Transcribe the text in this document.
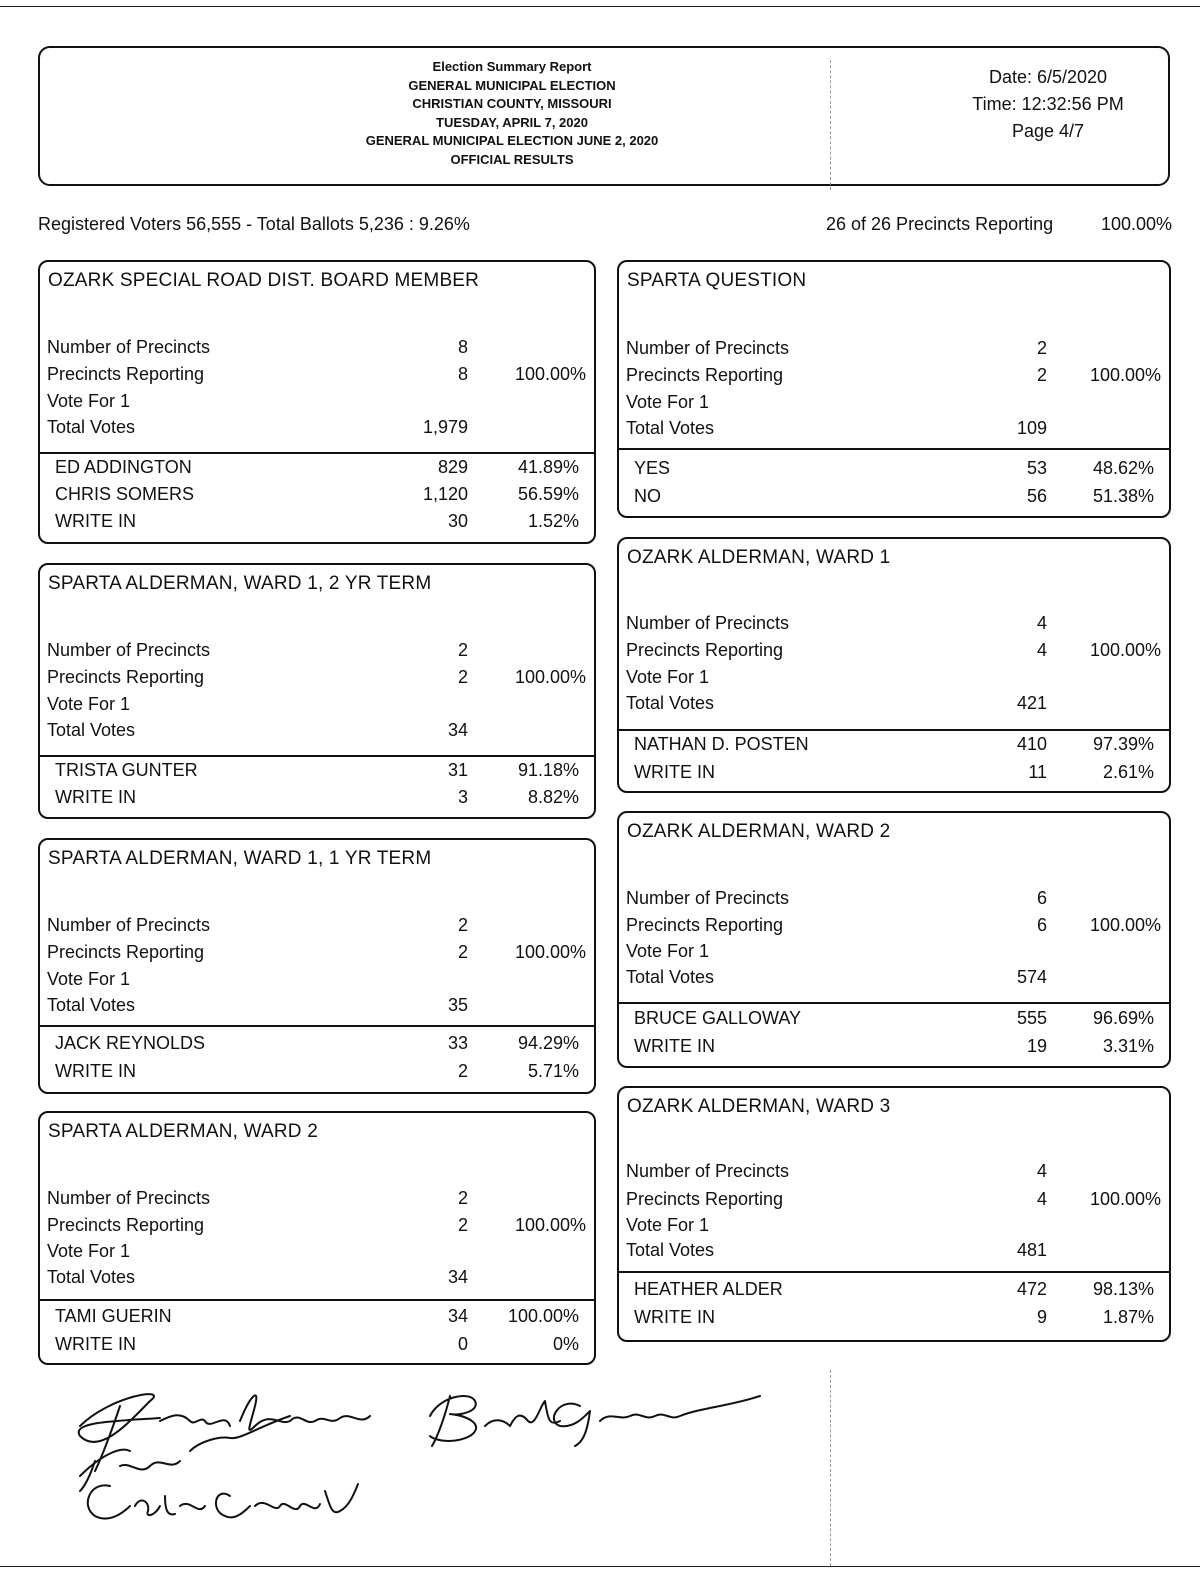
Election Summary Report
GENERAL MUNICIPAL ELECTION
CHRISTIAN COUNTY, MISSOURI
TUESDAY, APRIL 7, 2020
GENERAL MUNICIPAL ELECTION JUNE 2, 2020
OFFICIAL RESULTS
Date: 6/5/2020
Time: 12:32:56 PM
Page 4/7
Registered Voters 56,555 - Total Ballots 5,236 : 9.26%	26 of 26 Precincts Reporting	100.00%
OZARK SPECIAL ROAD DIST. BOARD MEMBER
Number of Precincts	8
Precincts Reporting	8	100.00%
Vote For 1
Total Votes	1,979
ED ADDINGTON	829	41.89%
CHRIS SOMERS	1,120	56.59%
WRITE IN	30	1.52%
SPARTA ALDERMAN, WARD 1, 2 YR TERM
Number of Precincts	2
Precincts Reporting	2	100.00%
Vote For 1
Total Votes	34
TRISTA GUNTER	31	91.18%
WRITE IN	3	8.82%
SPARTA ALDERMAN, WARD 1, 1 YR TERM
Number of Precincts	2
Precincts Reporting	2	100.00%
Vote For 1
Total Votes	35
JACK REYNOLDS	33	94.29%
WRITE IN	2	5.71%
SPARTA ALDERMAN, WARD 2
Number of Precincts	2
Precincts Reporting	2	100.00%
Vote For 1
Total Votes	34
TAMI GUERIN	34 100.00%
WRITE IN	0	0%
SPARTA QUESTION
Number of Precincts	2
Precincts Reporting	2 100.00%
Vote For 1
Total Votes	109
YES	53	48.62%
NO	56	51.38%
OZARK ALDERMAN, WARD 1
Number of Precincts	4
Precincts Reporting	4 100.00%
Vote For 1
Total Votes	421
NATHAN D. POSTEN	410	97.39%
WRITE IN	11	2.61%
OZARK ALDERMAN, WARD 2
Number of Precincts	6
Precincts Reporting	6 100.00%
Vote For 1
Total Votes	574
BRUCE GALLOWAY	555	96.69%
WRITE IN	19	3.31%
OZARK ALDERMAN, WARD 3
Number of Precincts	4
Precincts Reporting	4 100.00%
Vote For 1
Total Votes	481
HEATHER ALDER	472	98.13%
WRITE IN	9	1.87%
